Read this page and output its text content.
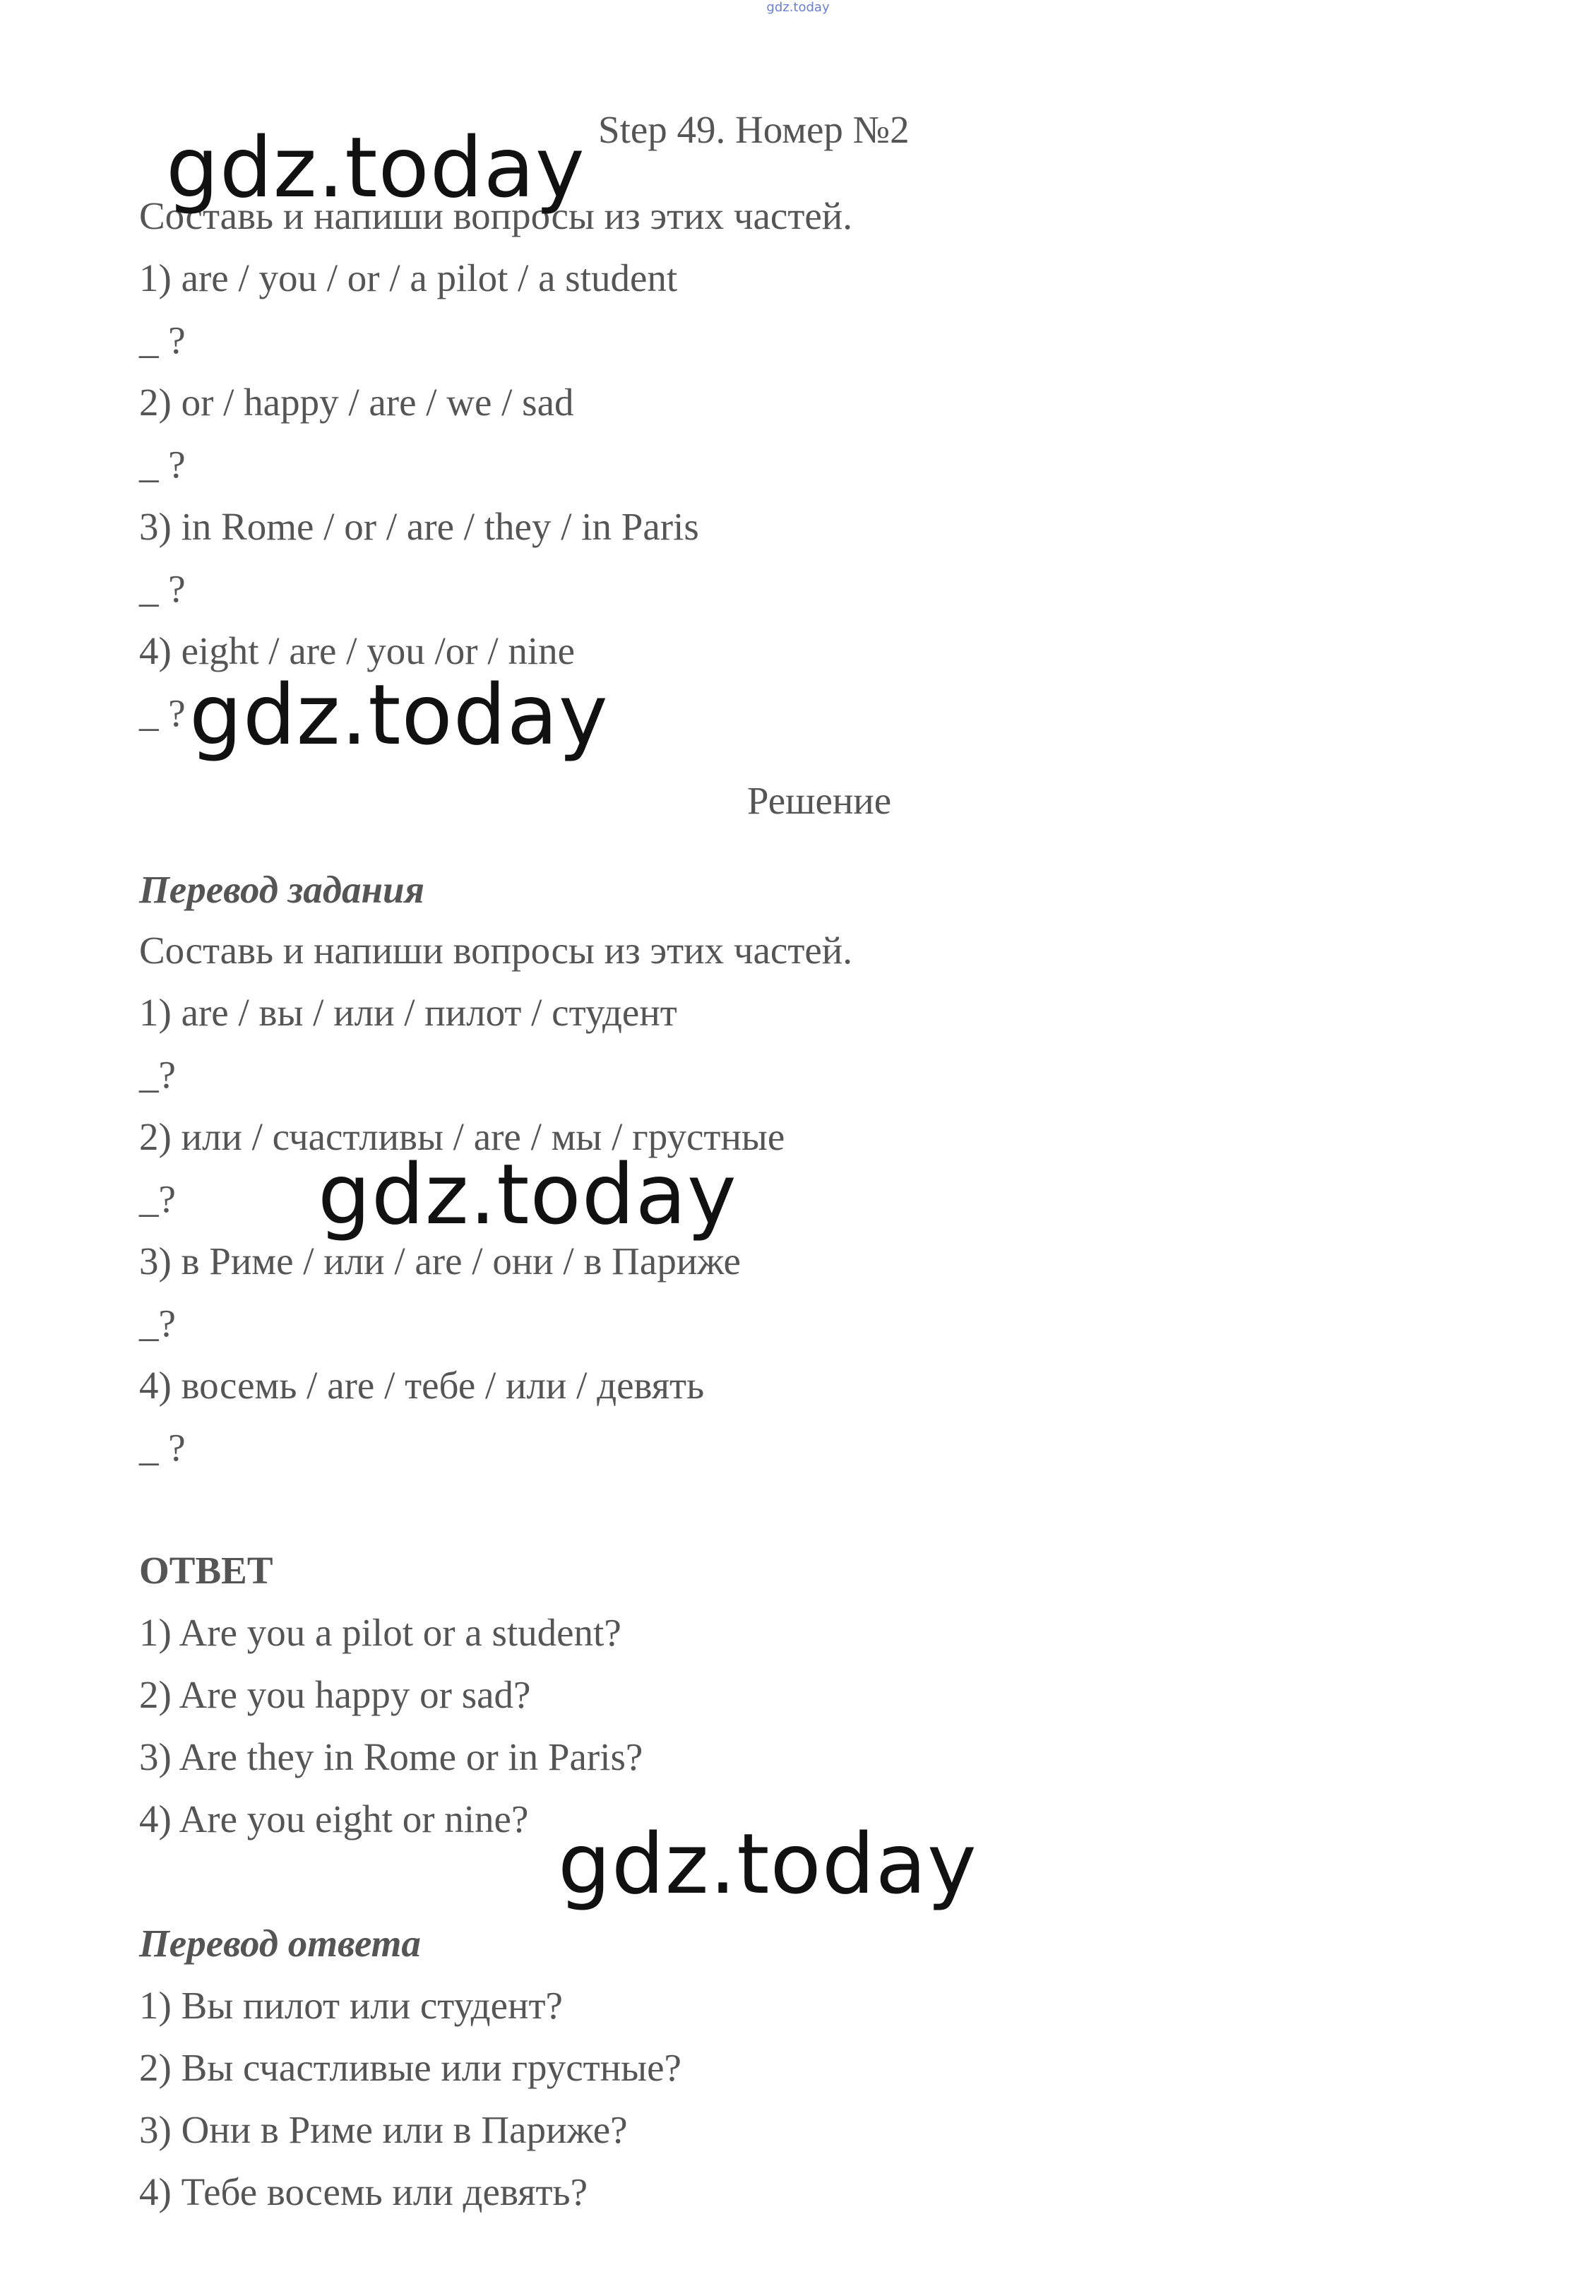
gdz.today
Step 49. Номер №2
Составь и напиши вопросы из этих частей.
1) are / you / or / a pilot / a student
_ ?
2) or / happy / are / we / sad
_ ?
3) in Rome / or / are / they / in Paris
_ ?
4) eight / are / you /or / nine
_ ?
Решение
Перевод задания
Составь и напиши вопросы из этих частей.
1) are / вы / или / пилот / студент
_?
2) или / счастливы / are / мы / грустные
_?
3) в Риме / или / are / они / в Париже
_?
4) восемь / are / тебе / или / девять
_ ?
ОТВЕТ
1) Are you a pilot or a student?
2) Are you happy or sad?
3) Are they in Rome or in Paris?
4) Are you eight or nine?
Перевод ответа
1) Вы пилот или студент?
2) Вы счастливые или грустные?
3) Они в Риме или в Париже?
4) Тебе восемь или девять?
gdz.today
gdz.today
gdz.today
gdz.today
